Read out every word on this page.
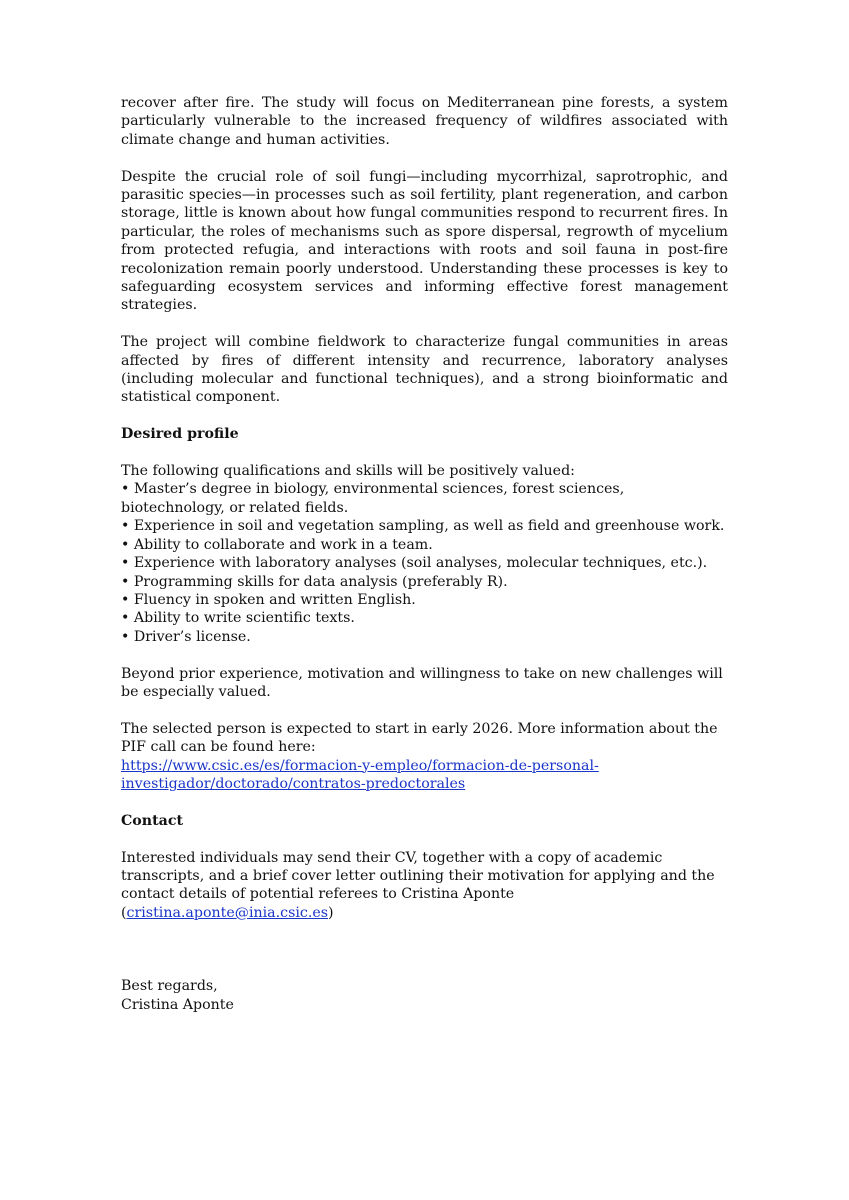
recover after fire. The study will focus on Mediterranean pine forests, a system particularly vulnerable to the increased frequency of wildfires associated with climate change and human activities.

Despite the crucial role of soil fungi—including mycorrhizal, saprotrophic, and parasitic species—in processes such as soil fertility, plant regeneration, and carbon storage, little is known about how fungal communities respond to recurrent fires. In particular, the roles of mechanisms such as spore dispersal, regrowth of mycelium from protected refugia, and interactions with roots and soil fauna in post-fire recolonization remain poorly understood. Understanding these processes is key to safeguarding ecosystem services and informing effective forest management strategies.

The project will combine fieldwork to characterize fungal communities in areas affected by fires of different intensity and recurrence, laboratory analyses (including molecular and functional techniques), and a strong bioinformatic and statistical component.

Desired profile
The following qualifications and skills will be positively valued:
• Master’s degree in biology, environmental sciences, forest sciences, biotechnology, or related fields.
• Experience in soil and vegetation sampling, as well as field and greenhouse work.
• Ability to collaborate and work in a team.
• Experience with laboratory analyses (soil analyses, molecular techniques, etc.).
• Programming skills for data analysis (preferably R).
• Fluency in spoken and written English.
• Ability to write scientific texts.
• Driver’s license.

Beyond prior experience, motivation and willingness to take on new challenges will be especially valued.

The selected person is expected to start in early 2026. More information about the PIF call can be found here:
https://www.csic.es/es/formacion-y-empleo/formacion-de-personal-
investigador/doctorado/contratos-predoctorales
Contact

Interested individuals may send their CV, together with a copy of academic transcripts, and a brief cover letter outlining their motivation for applying and the contact details of potential referees to Cristina Aponte (cristina.aponte@inia.csic.es)

Best regards,
Cristina Aponte
